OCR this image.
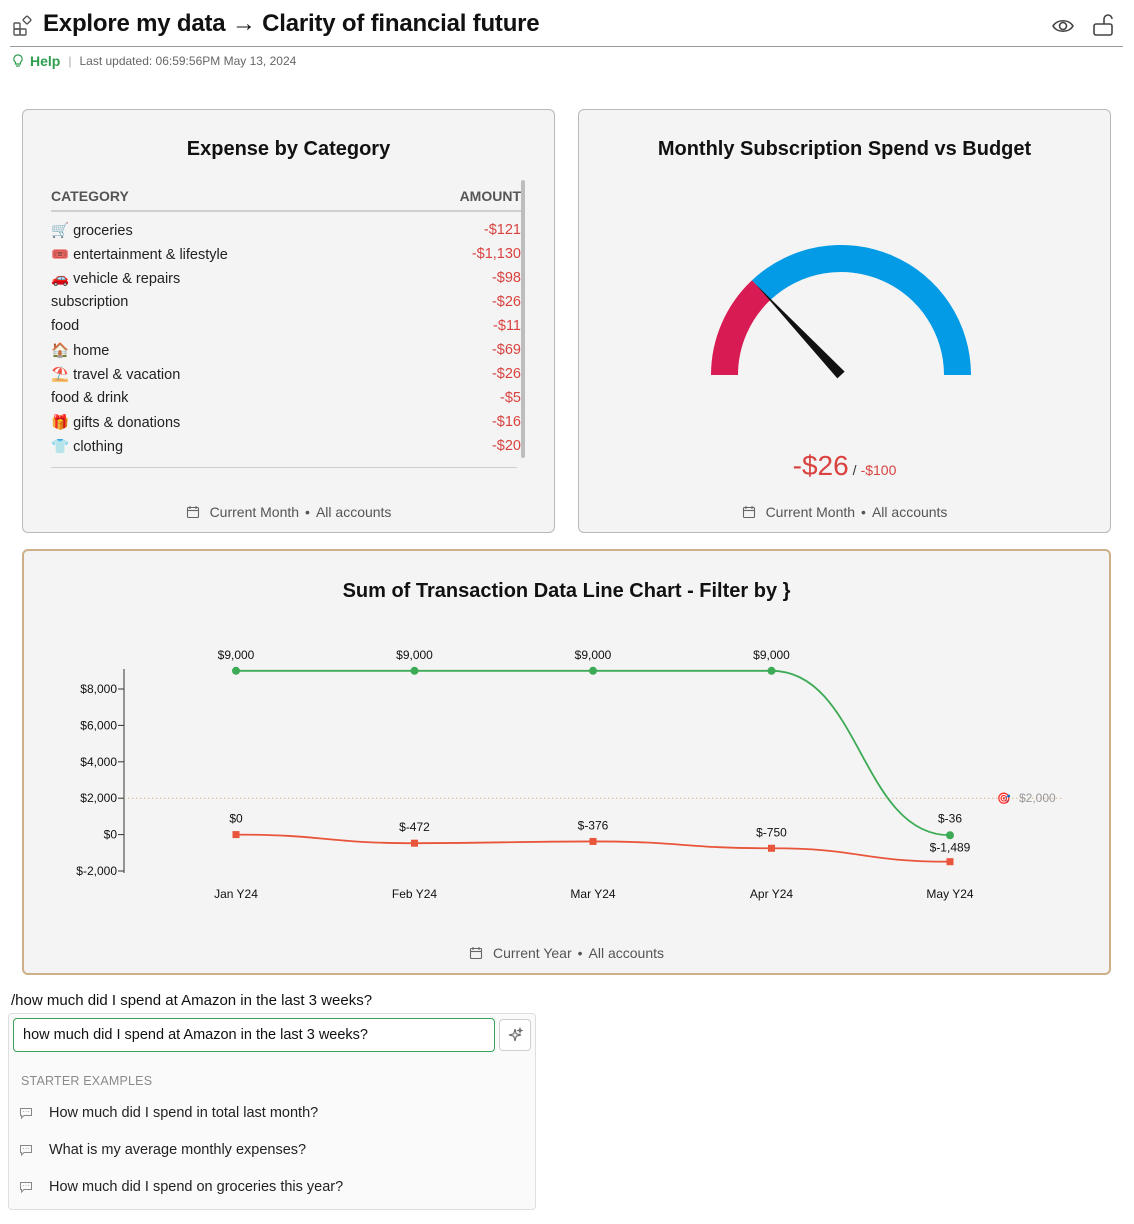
Explore my data → Clarity of financial future
Help | Last updated: 06:59:56PM May 13, 2024
Expense by Category
CATEGORY	AMOUNT
🛒 groceries	-$121
🎟️ entertainment & lifestyle	-$1,130
🚗 vehicle & repairs	-$98
subscription	-$26
food	-$11
🏠 home	-$69
⛱️ travel & vacation	-$26
food & drink	-$5
🎁 gifts & donations	-$16
👕 clothing	-$20
Current Month • All accounts
Monthly Subscription Spend vs Budget
-$26 / -$100
Current Month • All accounts
Sum of Transaction Data Line Chart - Filter by }
$-2,000
$0
$2,000
$4,000
$6,000
$8,000
🎯 $2,000
Jan Y24	Feb Y24	Mar Y24	Apr Y24	May Y24
$9,000	$9,000	$9,000	$9,000
$-36
$0
$-472	$-376	$-750
$-1,489
Current Year • All accounts
/how much did I spend at Amazon in the last 3 weeks?
how much did I spend at Amazon in the last 3 weeks?
STARTER EXAMPLES
How much did I spend in total last month?
What is my average monthly expenses?
How much did I spend on groceries this year?
